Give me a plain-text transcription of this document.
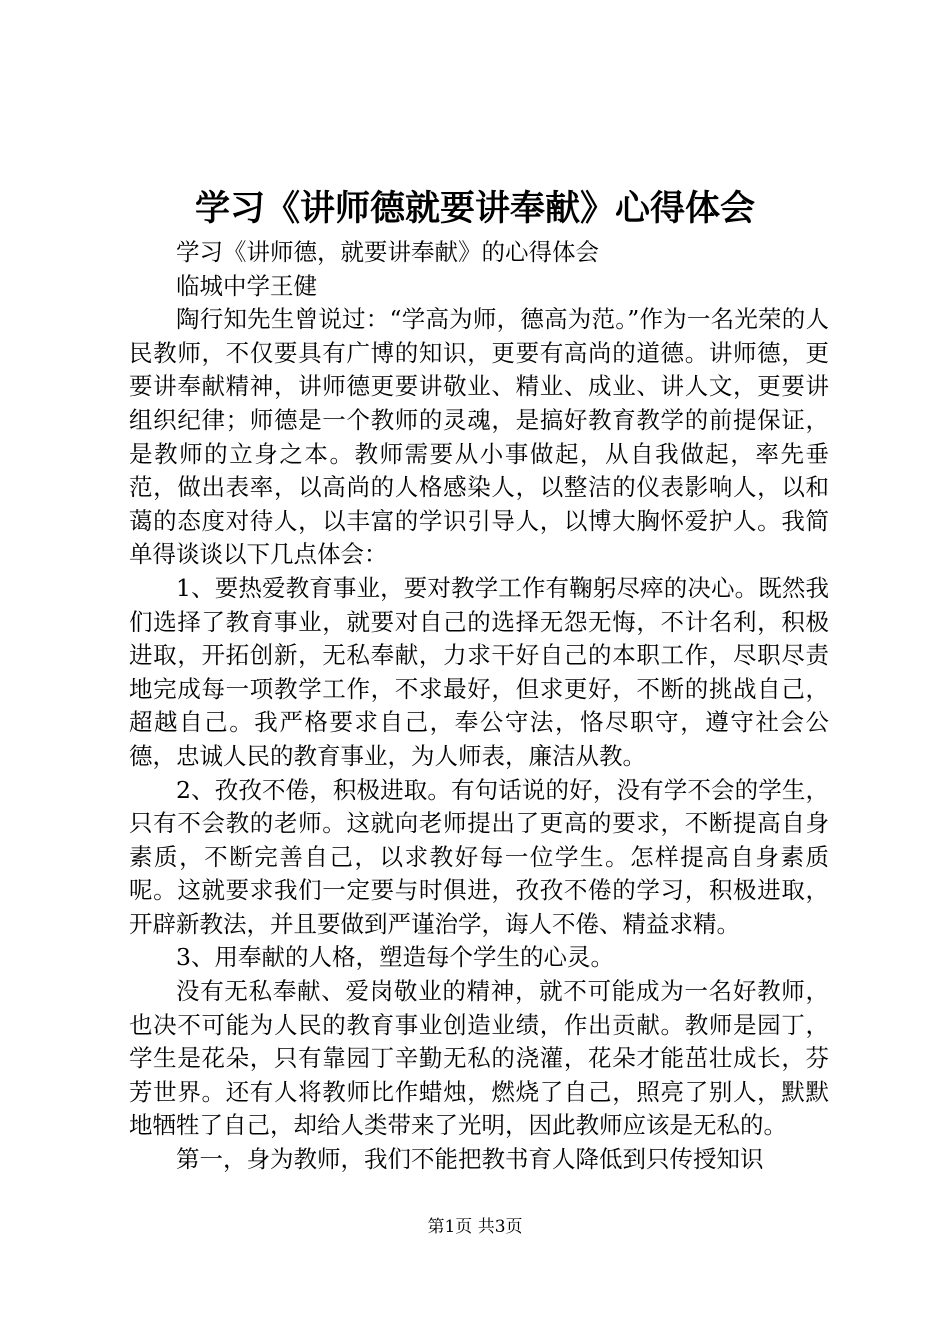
学习《讲师德就要讲奉献》心得体会

学习《讲师德，就要讲奉献》的心得体会

临城中学王健

陶行知先生曾说过：“学高为师，德高为范。”作为一名光荣的人民教师，不仅要具有广博的知识，更要有高尚的道德。讲师德，更要讲奉献精神，讲师德更要讲敬业、精业、成业、讲人文，更要讲组织纪律；师德是一个教师的灵魂，是搞好教育教学的前提保证，是教师的立身之本。教师需要从小事做起，从自我做起，率先垂范，做出表率，以高尚的人格感染人，以整洁的仪表影响人，以和蔼的态度对待人，以丰富的学识引导人，以博大胸怀爱护人。我简单得谈谈以下几点体会：

1、要热爱教育事业，要对教学工作有鞠躬尽瘁的决心。既然我们选择了教育事业，就要对自己的选择无怨无悔，不计名利，积极进取，开拓创新，无私奉献，力求干好自己的本职工作，尽职尽责地完成每一项教学工作，不求最好，但求更好，不断的挑战自己，超越自己。我严格要求自己，奉公守法，恪尽职守，遵守社会公德，忠诚人民的教育事业，为人师表，廉洁从教。

2、孜孜不倦，积极进取。有句话说的好，没有学不会的学生，只有不会教的老师。这就向老师提出了更高的要求，不断提高自身素质，不断完善自己，以求教好每一位学生。怎样提高自身素质呢。这就要求我们一定要与时俱进，孜孜不倦的学习，积极进取，开辟新教法，并且要做到严谨治学，诲人不倦、精益求精。

3、用奉献的人格，塑造每个学生的心灵。

没有无私奉献、爱岗敬业的精神，就不可能成为一名好教师，也决不可能为人民的教育事业创造业绩，作出贡献。教师是园丁，学生是花朵，只有靠园丁辛勤无私的浇灌，花朵才能茁壮成长，芬芳世界。还有人将教师比作蜡烛，燃烧了自己，照亮了别人，默默地牺牲了自己，却给人类带来了光明，因此教师应该是无私的。

第一，身为教师，我们不能把教书育人降低到只传授知识

第1页 共3页
